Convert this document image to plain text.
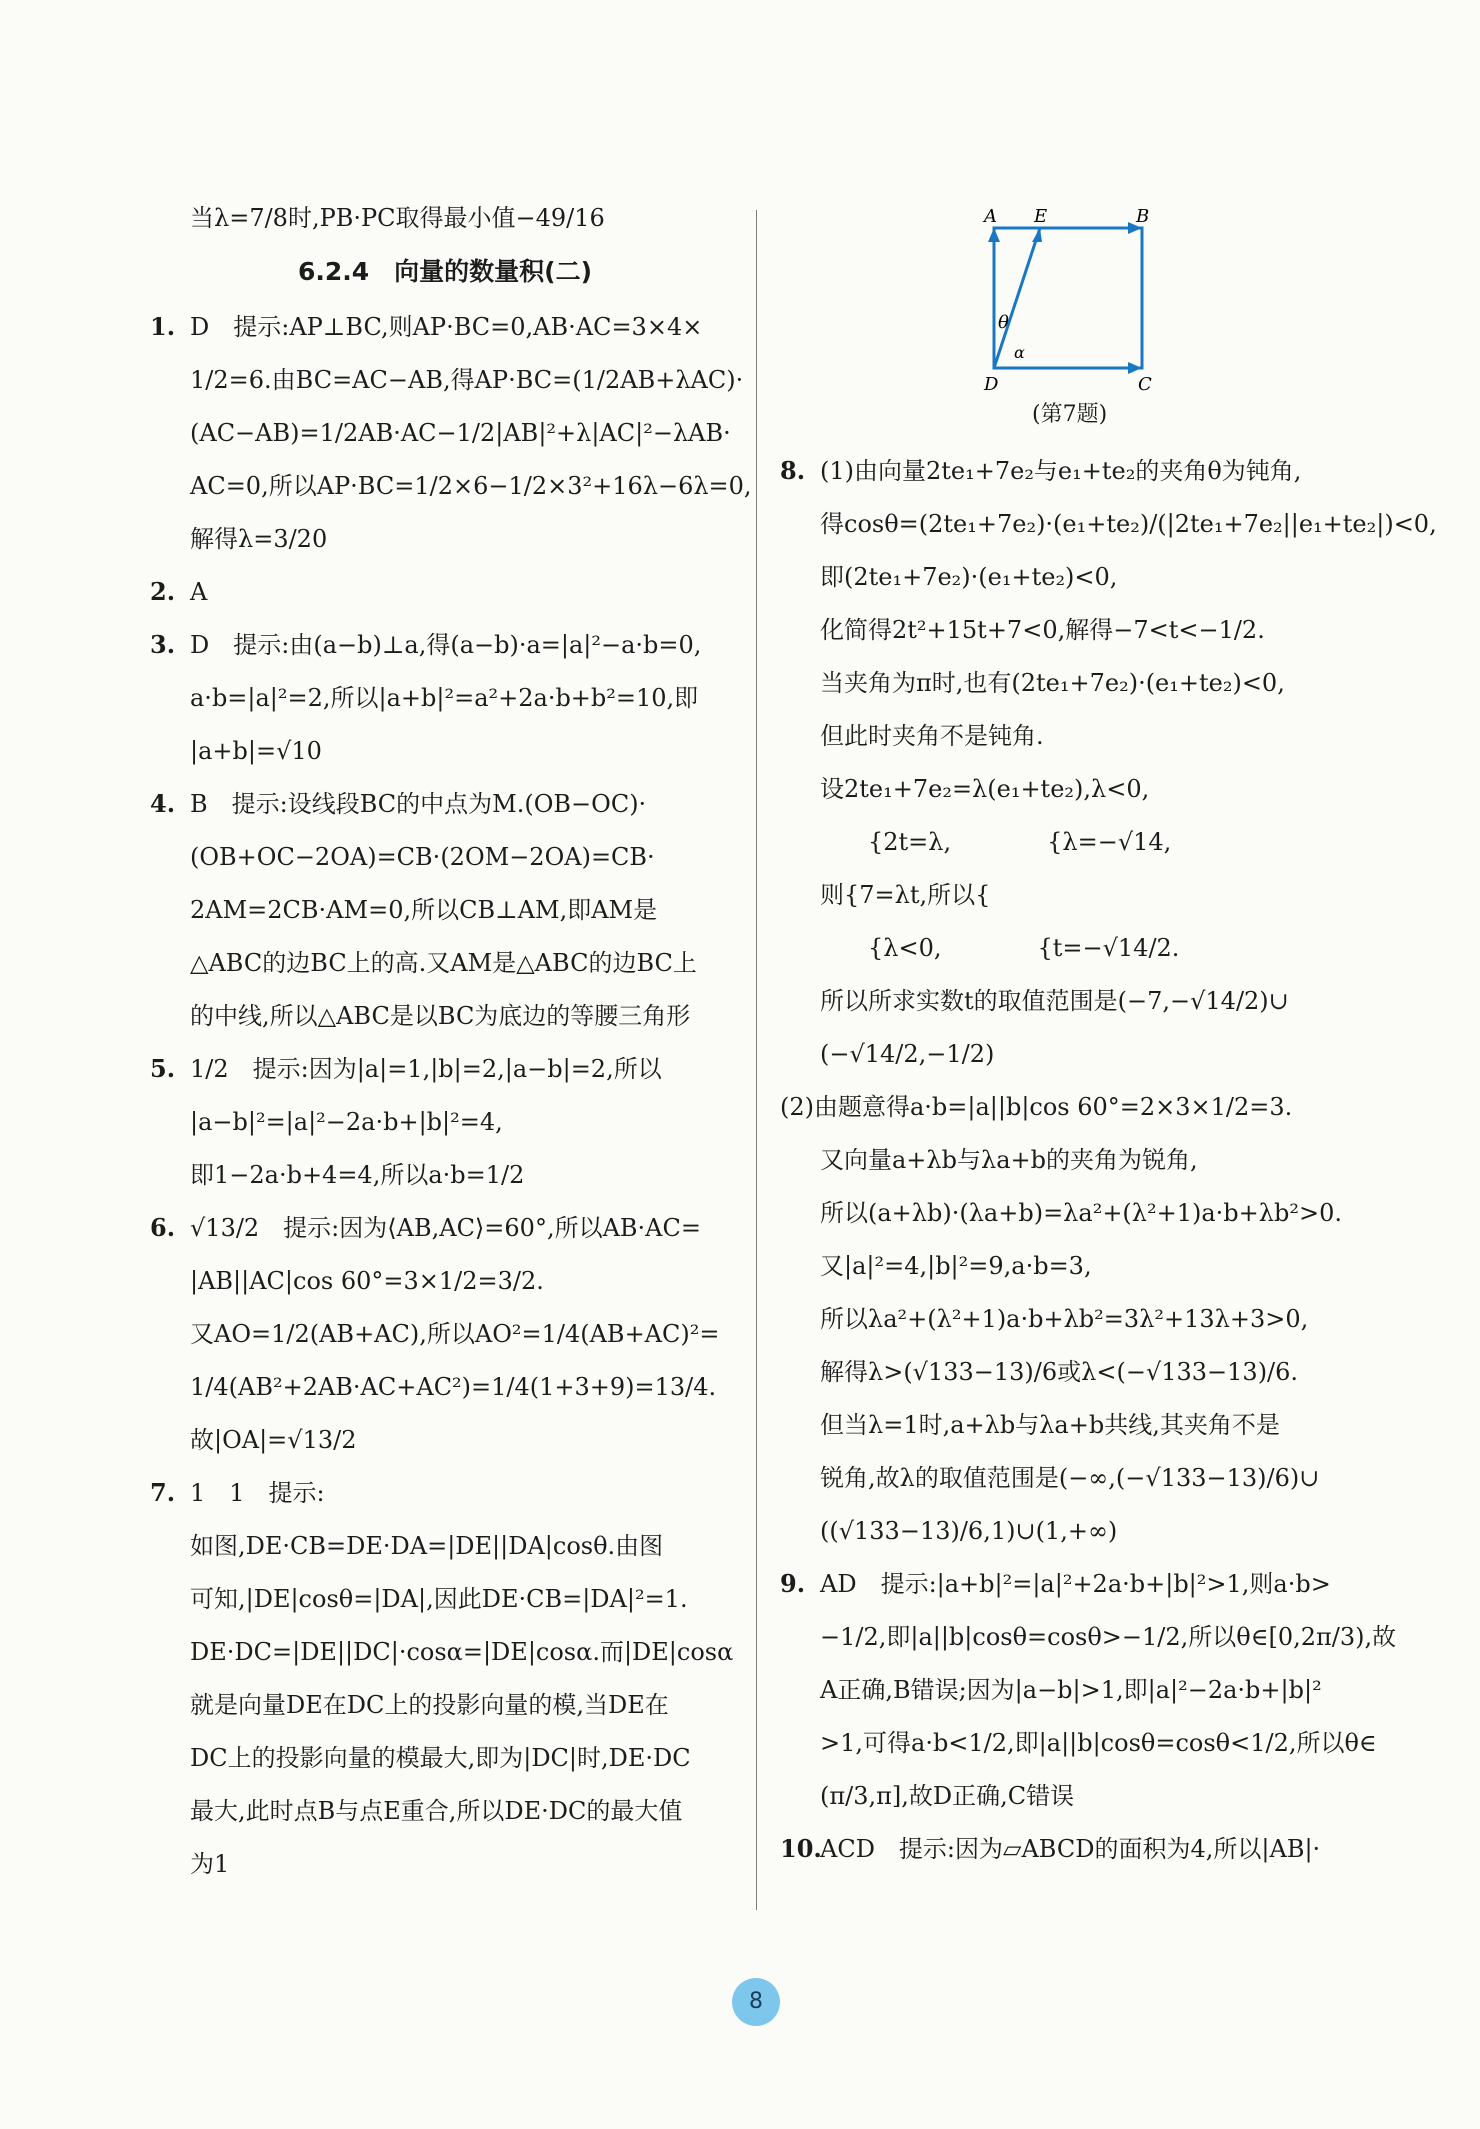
当λ=7/8时,PB·PC取得最小值−49/16
6.2.4　向量的数量积(二)
1. D　提示:AP⊥BC,则AP·BC=0,AB·AC=3×4×
1/2=6.由BC=AC−AB,得AP·BC=(1/2AB+λAC)·
(AC−AB)=1/2AB·AC−1/2|AB|²+λ|AC|²−λAB·
AC=0,所以AP·BC=1/2×6−1/2×3²+16λ−6λ=0,
解得λ=3/20
2. A
3. D　提示:由(a−b)⊥a,得(a−b)·a=|a|²−a·b=0,
a·b=|a|²=2,所以|a+b|²=a²+2a·b+b²=10,即
|a+b|=√10
4. B　提示:设线段BC的中点为M.(OB−OC)·
(OB+OC−2OA)=CB·(2OM−2OA)=CB·
2AM=2CB·AM=0,所以CB⊥AM,即AM是
△ABC的边BC上的高.又AM是△ABC的边BC上
的中线,所以△ABC是以BC为底边的等腰三角形
5. 1/2　提示:因为|a|=1,|b|=2,|a−b|=2,所以
|a−b|²=|a|²−2a·b+|b|²=4,
即1−2a·b+4=4,所以a·b=1/2
6. √13/2　提示:因为⟨AB,AC⟩=60°,所以AB·AC=
|AB||AC|cos 60°=3×1/2=3/2.
又AO=1/2(AB+AC),所以AO²=1/4(AB+AC)²=
1/4(AB²+2AB·AC+AC²)=1/4(1+3+9)=13/4.
故|OA|=√13/2
7. 1　1　提示:
如图,DE·CB=DE·DA=|DE||DA|cosθ.由图
可知,|DE|cosθ=|DA|,因此DE·CB=|DA|²=1.
DE·DC=|DE||DC|·cosα=|DE|cosα.而|DE|cosα
就是向量DE在DC上的投影向量的模,当DE在
DC上的投影向量的模最大,即为|DC|时,DE·DC
最大,此时点B与点E重合,所以DE·DC的最大值
为1
A E	B
D	C
θ
α
(第7题)
8. (1)由向量2te₁+7e₂与e₁+te₂的夹角θ为钝角,
得cosθ=(2te₁+7e₂)·(e₁+te₂)/(|2te₁+7e₂||e₁+te₂|)<0,
即(2te₁+7e₂)·(e₁+te₂)<0,
化简得2t²+15t+7<0,解得−7<t<−1/2.
当夹角为π时,也有(2te₁+7e₂)·(e₁+te₂)<0,
但此时夹角不是钝角.
设2te₁+7e₂=λ(e₁+te₂),λ<0,
　　{2t=λ,　　　　{λ=−√14,
则{7=λt,所以{
　　{λ<0,　　　　{t=−√14/2.
所以所求实数t的取值范围是(−7,−√14/2)∪
(−√14/2,−1/2)
(2)由题意得a·b=|a||b|cos 60°=2×3×1/2=3.
又向量a+λb与λa+b的夹角为锐角,
所以(a+λb)·(λa+b)=λa²+(λ²+1)a·b+λb²>0.
又|a|²=4,|b|²=9,a·b=3,
所以λa²+(λ²+1)a·b+λb²=3λ²+13λ+3>0,
解得λ>(√133−13)/6或λ<(−√133−13)/6.
但当λ=1时,a+λb与λa+b共线,其夹角不是
锐角,故λ的取值范围是(−∞,(−√133−13)/6)∪
((√133−13)/6,1)∪(1,+∞)
9. AD　提示:|a+b|²=|a|²+2a·b+|b|²>1,则a·b>
−1/2,即|a||b|cosθ=cosθ>−1/2,所以θ∈[0,2π/3),故
A正确,B错误;因为|a−b|>1,即|a|²−2a·b+|b|²
>1,可得a·b<1/2,即|a||b|cosθ=cosθ<1/2,所以θ∈
(π/3,π],故D正确,C错误
10.ACD　提示:因为▱ABCD的面积为4,所以|AB|·
8
